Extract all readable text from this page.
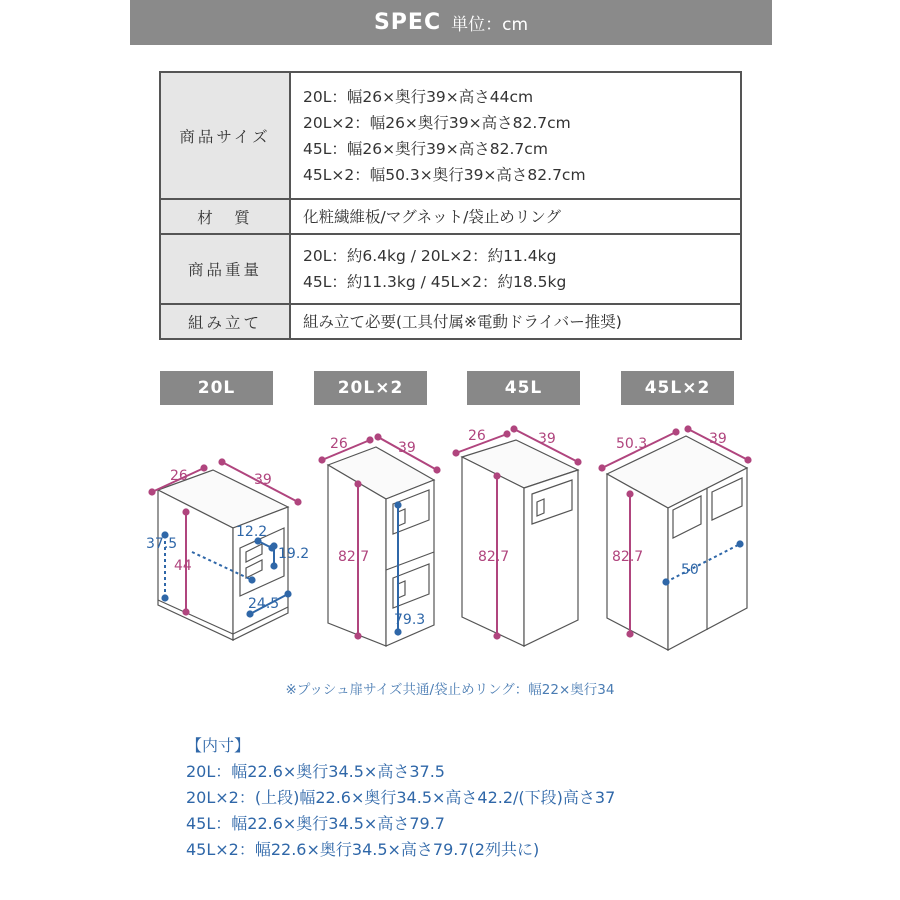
SPEC 単位：cm
商品サイズ	20L：幅26×奥行39×高さ44cm
20L×2：幅26×奥行39×高さ82.7cm
45L：幅26×奥行39×高さ82.7cm
45L×2：幅50.3×奥行39×高さ82.7cm

材　質	化粧繊維板/マグネット/袋止めリング

商品重量	20L：約6.4kg / 20L×2：約11.4kg
45L：約11.3kg / 45L×2：約18.5kg

組み立て	組み立て必要(工具付属※電動ドライバー推奨)
20L	20L×2	45L	45L×2
26	39
44
12.2
19.2
37.5
24.5
26	39
82.7
79.3
26	39
82.7
50.3	39
82.7
50
※プッシュ扉サイズ共通/袋止めリング：幅22×奥行34
【内寸】
20L：幅22.6×奥行34.5×高さ37.5
20L×2：(上段)幅22.6×奥行34.5×高さ42.2/(下段)高さ37
45L：幅22.6×奥行34.5×高さ79.7
45L×2：幅22.6×奥行34.5×高さ79.7(2列共に)
